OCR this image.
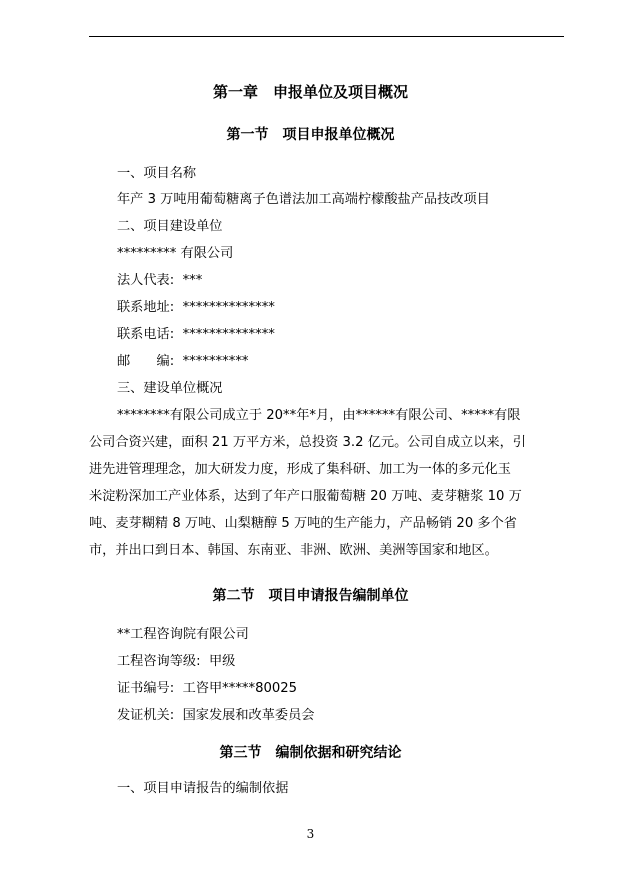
第一章　申报单位及项目概况
第一节　项目申报单位概况
一、项目名称
年产 3 万吨用葡萄糖离子色谱法加工高端柠檬酸盐产品技改项目
二、项目建设单位
********* 有限公司
法人代表:  ***
联系地址:  **************
联系电话:  **************
邮　　编:  **********
三、建设单位概况
********有限公司成立于 20**年*月，由******有限公司、*****有限
公司合资兴建，面积 21 万平方米，总投资 3.2 亿元。公司自成立以来，引
进先进管理理念，加大研发力度，形成了集科研、加工为一体的多元化玉
米淀粉深加工产业体系，达到了年产口服葡萄糖 20 万吨、麦芽糖浆 10 万
吨、麦芽糊精 8 万吨、山梨糖醇 5 万吨的生产能力，产品畅销 20 多个省
市，并出口到日本、韩国、东南亚、非洲、欧洲、美洲等国家和地区。
第二节　项目申请报告编制单位
**工程咨询院有限公司
工程咨询等级:  甲级
证书编号:  工咨甲*****80025
发证机关:  国家发展和改革委员会
第三节　编制依据和研究结论
一、项目申请报告的编制依据
3
